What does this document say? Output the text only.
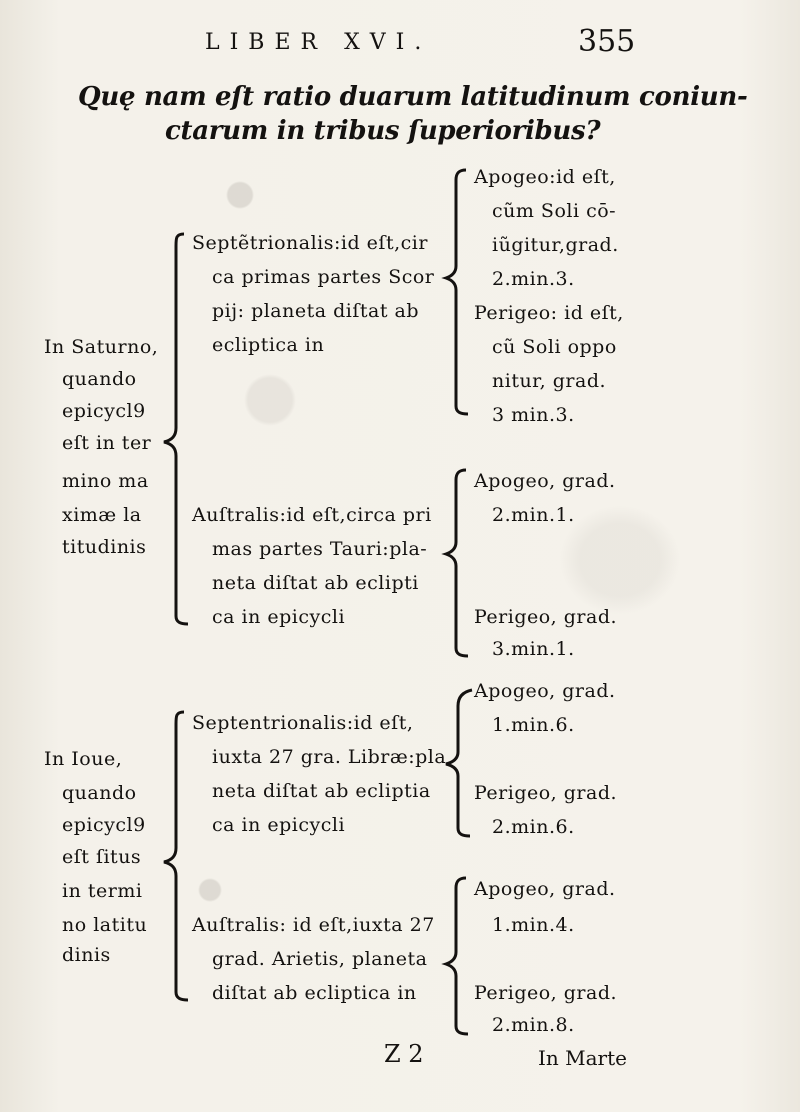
LIBER XVI.	355
Quę nam eſt ratio duarum latitudinum coniun-
ctarum in tribus ſuperioribus?
In Saturno,
quando
epicycl9
eſt in ter
mino ma
ximæ la
titudinis
Septẽtrionalis:id eſt,cir
ca primas partes Scor
pij: planeta diſtat ab
ecliptica in
Apogeo:id eſt,
cũm Soli cō-
iũgitur,grad.
2.min.3.
Perigeo: id eſt,
cũ Soli oppo
nitur, grad.
3 min.3.
Auſtralis:id eſt,circa pri
mas partes Tauri:pla-
neta diſtat ab eclipti
ca in epicycli
Apogeo, grad.
2.min.1.
Perigeo, grad.
3.min.1.
In Ioue,
quando
epicycl9
eſt ſitus
in termi
no latitu
dinis
Septentrionalis:id eſt,
iuxta 27 gra. Libræ:pla
neta diſtat ab ecliptia
ca in epicycli
Apogeo, grad.
1.min.6.
Perigeo, grad.
2.min.6.
Auſtralis: id eſt,iuxta 27
grad. Arietis, planeta
diſtat ab ecliptica in
Apogeo, grad.
1.min.4.
Perigeo, grad.
2.min.8.
Z 2	In Marte
